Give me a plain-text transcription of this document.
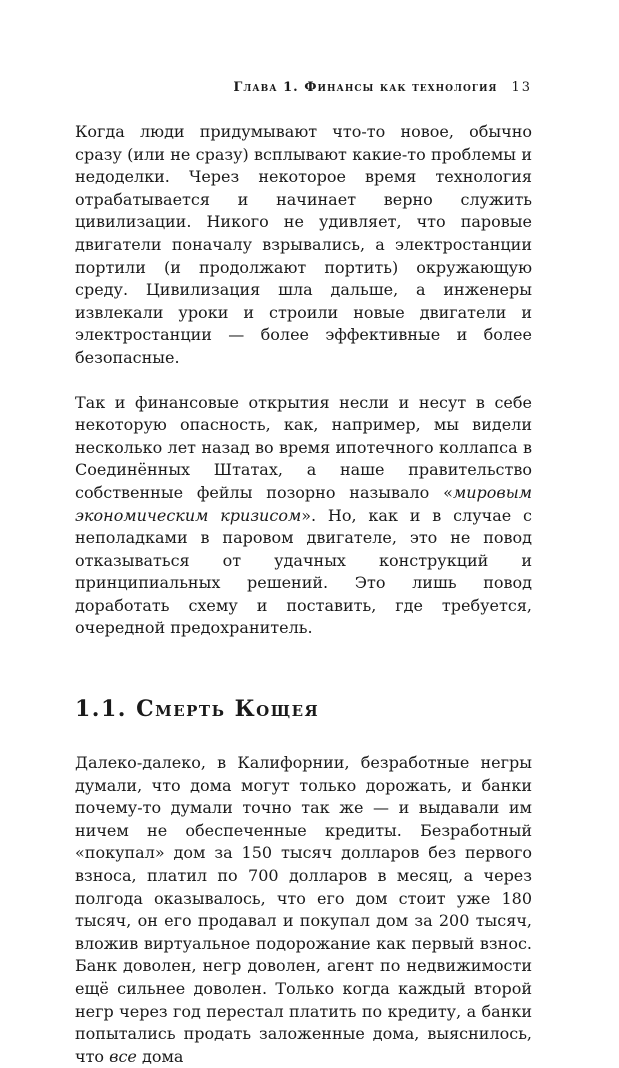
Глава 1. Финансы как технология 13

Когда люди придумывают что-то новое, обычно сразу (или не сразу) всплывают какие-то проблемы и недоделки. Через некоторое время технология отрабатывается и начинает верно служить цивилизации. Никого не удивляет, что паровые двигатели поначалу взрывались, а электростанции портили (и продолжают портить) окружающую среду. Цивилизация шла дальше, а инженеры извлекали уроки и строили новые двигатели и электростанции — более эффективные и более безопасные.

Так и финансовые открытия несли и несут в себе некоторую опасность, как, например, мы видели несколько лет назад во время ипотечного коллапса в Соединённых Штатах, а наше правительство собственные фейлы позорно называло «мировым экономическим кризисом». Но, как и в случае с неполадками в паровом двигателе, это не повод отказываться от удачных конструкций и принципиальных решений. Это лишь повод доработать схему и поставить, где требуется, очередной предохранитель.

1.1. Смерть Кощея

Далеко-далеко, в Калифорнии, безработные негры думали, что дома могут только дорожать, и банки почему-то думали точно так же — и выдавали им ничем не обеспеченные кредиты. Безработный «покупал» дом за 150 тысяч долларов без первого взноса, платил по 700 долларов в месяц, а через полгода оказывалось, что его дом стоит уже 180 тысяч, он его продавал и покупал дом за 200 тысяч, вложив виртуальное подорожание как первый взнос. Банк доволен, негр доволен, агент по недвижимости ещё сильнее доволен. Только когда каждый второй негр через год перестал платить по кредиту, а банки попытались продать заложенные дома, выяснилось, что все дома
